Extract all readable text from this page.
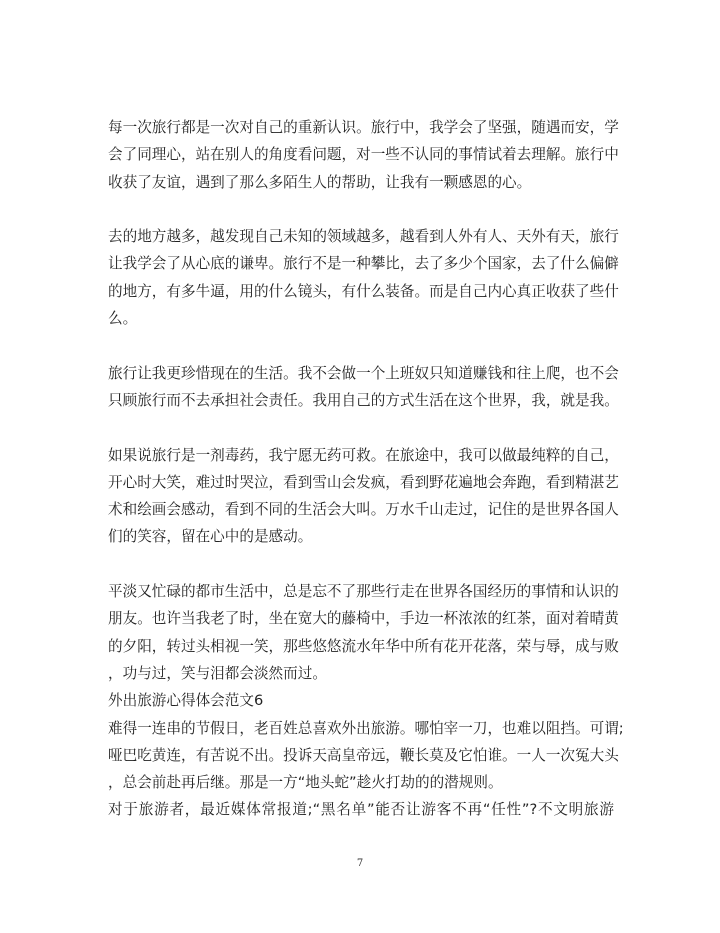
每一次旅行都是一次对自己的重新认识。旅行中，我学会了坚强，随遇而安，学
会了同理心，站在别人的角度看问题，对一些不认同的事情试着去理解。旅行中
收获了友谊，遇到了那么多陌生人的帮助，让我有一颗感恩的心。
去的地方越多，越发现自己未知的领域越多，越看到人外有人、天外有天，旅行
让我学会了从心底的谦卑。旅行不是一种攀比，去了多少个国家，去了什么偏僻
的地方，有多牛逼，用的什么镜头，有什么装备。而是自己内心真正收获了些什
么。
旅行让我更珍惜现在的生活。我不会做一个上班奴只知道赚钱和往上爬，也不会
只顾旅行而不去承担社会责任。我用自己的方式生活在这个世界，我，就是我。
如果说旅行是一剂毒药，我宁愿无药可救。在旅途中，我可以做最纯粹的自己，
开心时大笑，难过时哭泣，看到雪山会发疯，看到野花遍地会奔跑，看到精湛艺
术和绘画会感动，看到不同的生活会大叫。万水千山走过，记住的是世界各国人
们的笑容，留在心中的是感动。
平淡又忙碌的都市生活中，总是忘不了那些行走在世界各国经历的事情和认识的
朋友。也许当我老了时，坐在宽大的藤椅中，手边一杯浓浓的红茶，面对着晴黄
的夕阳，转过头相视一笑，那些悠悠流水年华中所有花开花落，荣与辱，成与败
，功与过，笑与泪都会淡然而过。
外出旅游心得体会范文6
难得一连串的节假日，老百姓总喜欢外出旅游。哪怕宰一刀，也难以阻挡。可谓;
哑巴吃黄连，有苦说不出。投诉天高皇帝远，鞭长莫及它怕谁。一人一次冤大头
，总会前赴再后继。那是一方“地头蛇”趁火打劫的的潜规则。
对于旅游者，最近媒体常报道;“黑名单”能否让游客不再“任性”?不文明旅游
7
